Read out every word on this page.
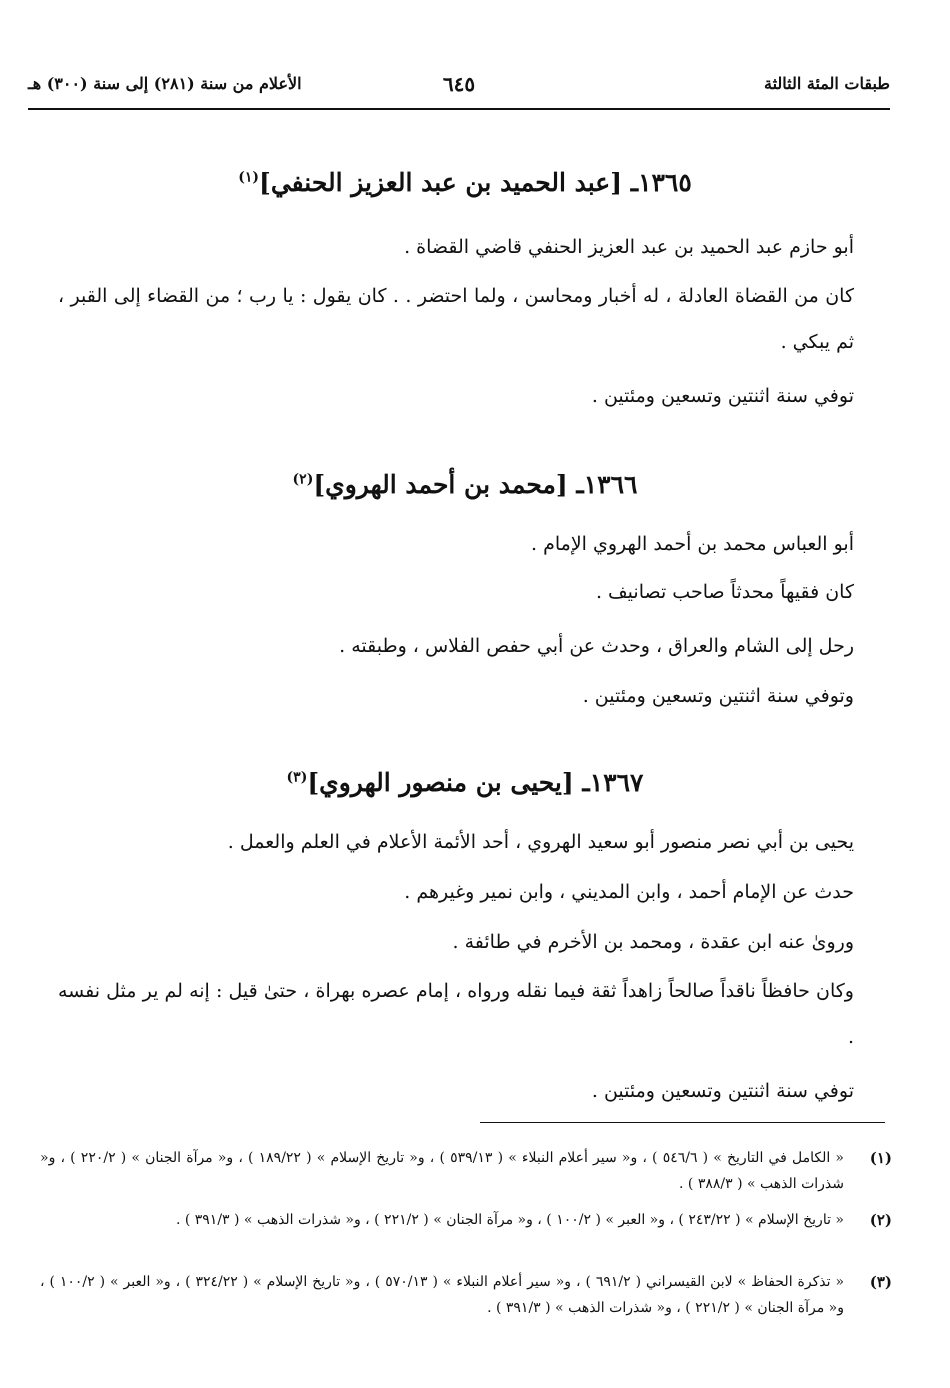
طبقات المئة الثالثة
٦٤٥
الأعلام من سنة (٢٨١) إلى سنة (٣٠٠) هـ
١٣٦٥ـ [عبد الحميد بن عبد العزيز الحنفي]$^{(١)}$
أبو حازم عبد الحميد بن عبد العزيز الحنفي قاضي القضاة .
كان من القضاة العادلة ، له أخبار ومحاسن ، ولما احتضر . . كان يقول : يا رب ؛ من القضاء إلى القبر ، ثم يبكي .
توفي سنة اثنتين وتسعين ومئتين .
١٣٦٦ـ [محمد بن أحمد الهروي]$^{(٢)}$
أبو العباس محمد بن أحمد الهروي الإمام .
كان فقيهاً محدثاً صاحب تصانيف .
رحل إلى الشام والعراق ، وحدث عن أبي حفص الفلاس ، وطبقته .
وتوفي سنة اثنتين وتسعين ومئتين .
١٣٦٧ـ [يحيى بن منصور الهروي]$^{(٣)}$
يحيى بن أبي نصر منصور أبو سعيد الهروي ، أحد الأئمة الأعلام في العلم والعمل .
حدث عن الإمام أحمد ، وابن المديني ، وابن نمير وغيرهم .
وروىٰ عنه ابن عقدة ، ومحمد بن الأخرم في طائفة .
وكان حافظاً ناقداً صالحاً زاهداً ثقة فيما نقله ورواه ، إمام عصره بهراة ، حتىٰ قيل : إنه لم ير مثل نفسه .
توفي سنة اثنتين وتسعين ومئتين .
(١)
« الكامل في التاريخ » ( ٥٤٦/٦ ) ، و« سير أعلام النبلاء » ( ٥٣٩/١٣ ) ، و« تاريخ الإسلام » ( ١٨٩/٢٢ ) ، و« مرآة الجنان » ( ٢٢٠/٢ ) ، و« شذرات الذهب » ( ٣٨٨/٣ ) .
(٢)
« تاريخ الإسلام » ( ٢٤٣/٢٢ ) ، و« العبر » ( ١٠٠/٢ ) ، و« مرآة الجنان » ( ٢٢١/٢ ) ، و« شذرات الذهب » ( ٣٩١/٣ ) .
(٣)
« تذكرة الحفاظ » لابن القيسراني ( ٦٩١/٢ ) ، و« سير أعلام النبلاء » ( ٥٧٠/١٣ ) ، و« تاريخ الإسلام » ( ٣٢٤/٢٢ ) ، و« العبر » ( ١٠٠/٢ ) ، و« مرآة الجنان » ( ٢٢١/٢ ) ، و« شذرات الذهب » ( ٣٩١/٣ ) .
